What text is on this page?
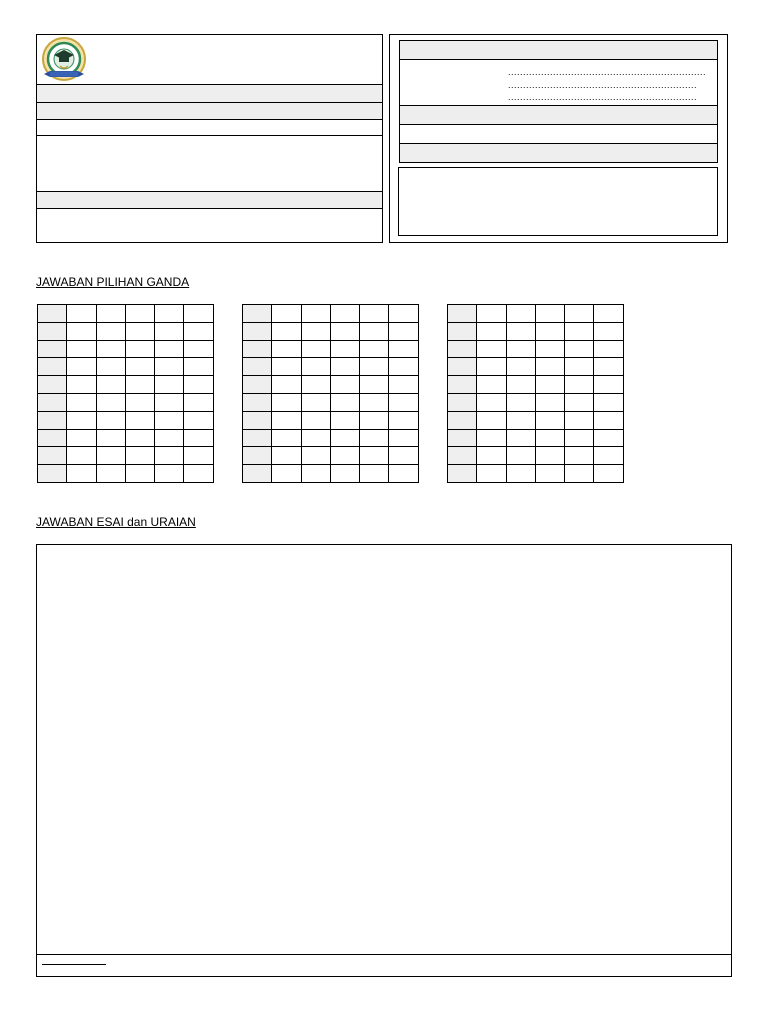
..................................................................
...............................................................
...............................................................

JAWABAN PILIHAN GANDA

JAWABAN ESAI dan URAIAN
